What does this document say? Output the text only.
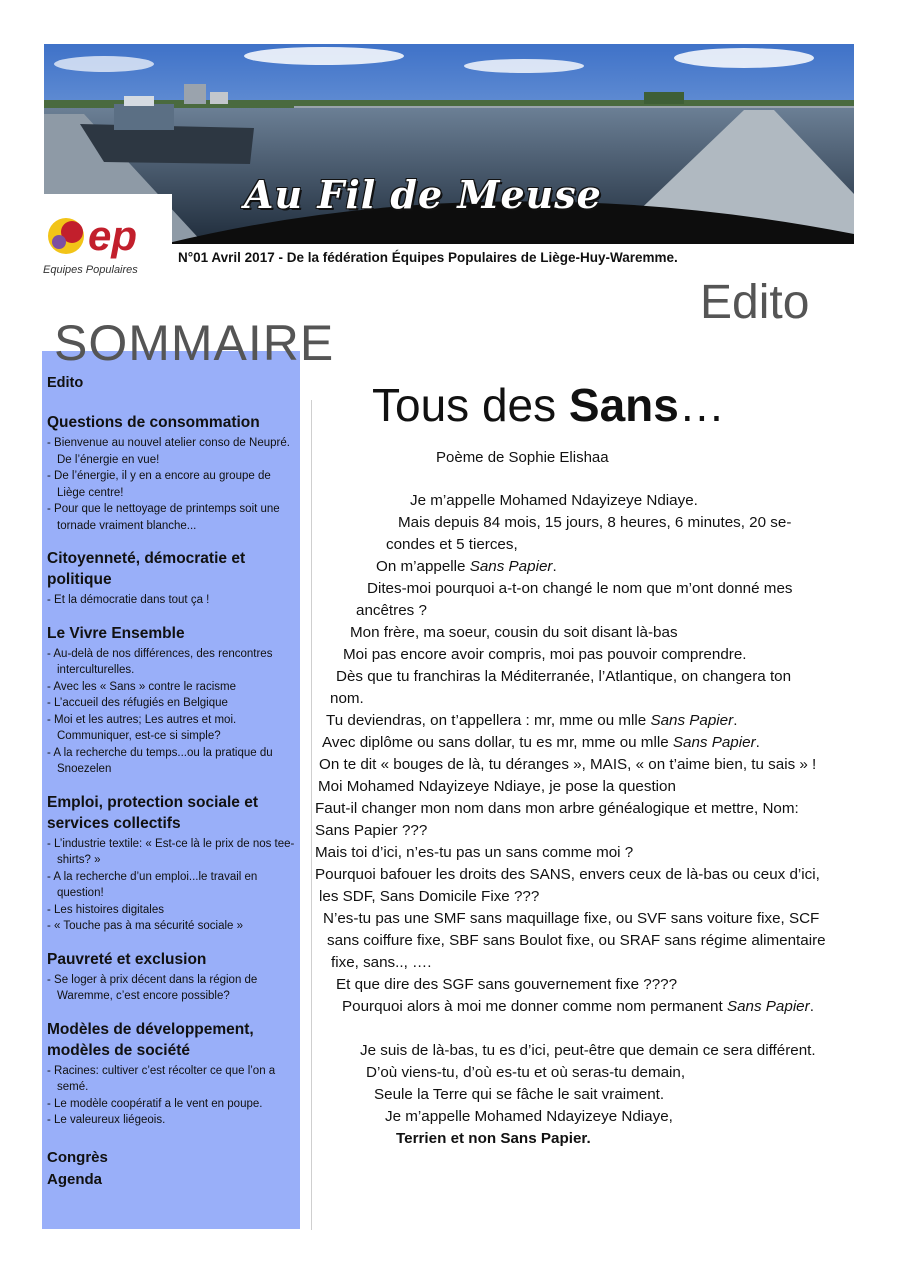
Au Fil de Meuse
ep
Equipes Populaires
N°01 Avril 2017 - De la fédération Équipes Populaires de Liège-Huy-Waremme.
Edito
SOMMAIRE
Edito
Questions de consommation

- Bienvenue au nouvel atelier conso de Neupré. De l’énergie en vue!

- De l’énergie, il y en a encore au groupe de Liège centre!

- Pour que le nettoyage de printemps soit une tornade vraiment blanche...

Citoyenneté, démocratie et politique

- Et la démocratie dans tout ça !

Le Vivre Ensemble

- Au-delà de nos différences, des rencontres interculturelles.

- Avec les « Sans » contre le racisme

- L’accueil des réfugiés en Belgique

- Moi et les autres; Les autres et moi. Communiquer, est-ce si simple?

- A la recherche du temps...ou la pratique du Snoezelen

Emploi, protection sociale et services collectifs

- L’industrie textile: « Est-ce là le prix de nos tee-shirts? »

- A la recherche d’un emploi...le travail en question!

- Les histoires digitales

- « Touche pas à ma sécurité sociale »

Pauvreté et exclusion

- Se loger à prix décent dans la région de Waremme, c’est encore possible?

Modèles de développement, modèles de société

- Racines: cultiver c’est récolter ce que l’on a semé.

- Le modèle coopératif a le vent en poupe.

- Le valeureux liégeois.

Congrès

Agenda

Tous des Sans…
Poème de Sophie Elishaa
Je m’appelle Mohamed Ndayizeye Ndiaye.
Mais depuis 84 mois, 15 jours, 8 heures, 6 minutes, 20 se-
condes et 5 tierces,
On m’appelle Sans Papier.
Dites-moi pourquoi a-t-on changé le nom que m’ont donné mes
ancêtres ?
Mon frère, ma soeur, cousin du soit disant là-bas
Moi pas encore avoir compris, moi pas pouvoir comprendre.
Dès que tu franchiras la Méditerranée, l’Atlantique, on changera ton
nom.
Tu deviendras, on t’appellera : mr, mme ou mlle Sans Papier.
Avec diplôme ou sans dollar, tu es mr, mme ou mlle Sans Papier.
On te dit « bouges de là, tu déranges », MAIS, « on t’aime bien, tu sais » !
Moi Mohamed Ndayizeye Ndiaye, je pose la question
Faut-il changer mon nom dans mon arbre généalogique et mettre, Nom:
Sans Papier ???
Mais toi d’ici, n’es-tu pas un sans comme moi ?
Pourquoi bafouer les droits des SANS, envers ceux de là-bas ou ceux d’ici,
les SDF, Sans Domicile Fixe ???
N’es-tu pas une SMF sans maquillage fixe, ou SVF sans voiture fixe, SCF
sans coiffure fixe, SBF sans Boulot fixe, ou SRAF sans régime alimentaire
fixe, sans.., ….
Et que dire des SGF sans gouvernement fixe ????
Pourquoi alors à moi me donner comme nom permanent Sans Papier.
Je suis de là-bas, tu es d’ici, peut-être que demain ce sera différent.
D’où viens-tu, d’où es-tu et où seras-tu demain,
Seule la Terre qui se fâche le sait vraiment.
Je m’appelle Mohamed Ndayizeye Ndiaye,
Terrien et non Sans Papier.
